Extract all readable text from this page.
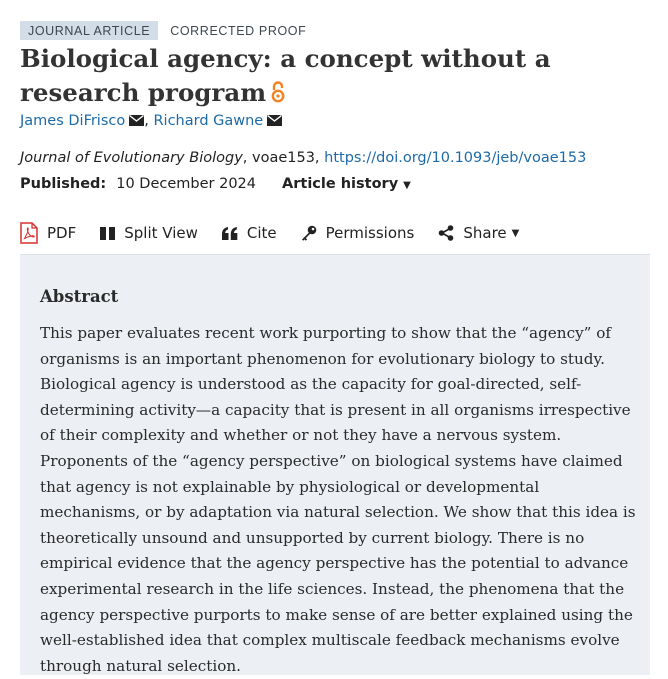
JOURNAL ARTICLE	CORRECTED PROOF
Biological agency: a concept without a research program
James DiFrisco , Richard Gawne
Journal of Evolutionary Biology, voae153, https://doi.org/10.1093/jeb/voae153
Published: 10 December 2024 Article history ▼
PDF	Split View	Cite	Permissions	Share ▼
Abstract

This paper evaluates recent work purporting to show that the “agency” of organisms is an important phenomenon for evolutionary biology to study. Biological agency is understood as the capacity for goal-directed, self-determining activity—a capacity that is present in all organisms irrespective of their complexity and whether or not they have a nervous system. Proponents of the “agency perspective” on biological systems have claimed that agency is not explainable by physiological or developmental mechanisms, or by adaptation via natural selection. We show that this idea is theoretically unsound and unsupported by current biology. There is no empirical evidence that the agency perspective has the potential to advance experimental research in the life sciences. Instead, the phenomena that the agency perspective purports to make sense of are better explained using the well-established idea that complex multiscale feedback mechanisms evolve through natural selection.
